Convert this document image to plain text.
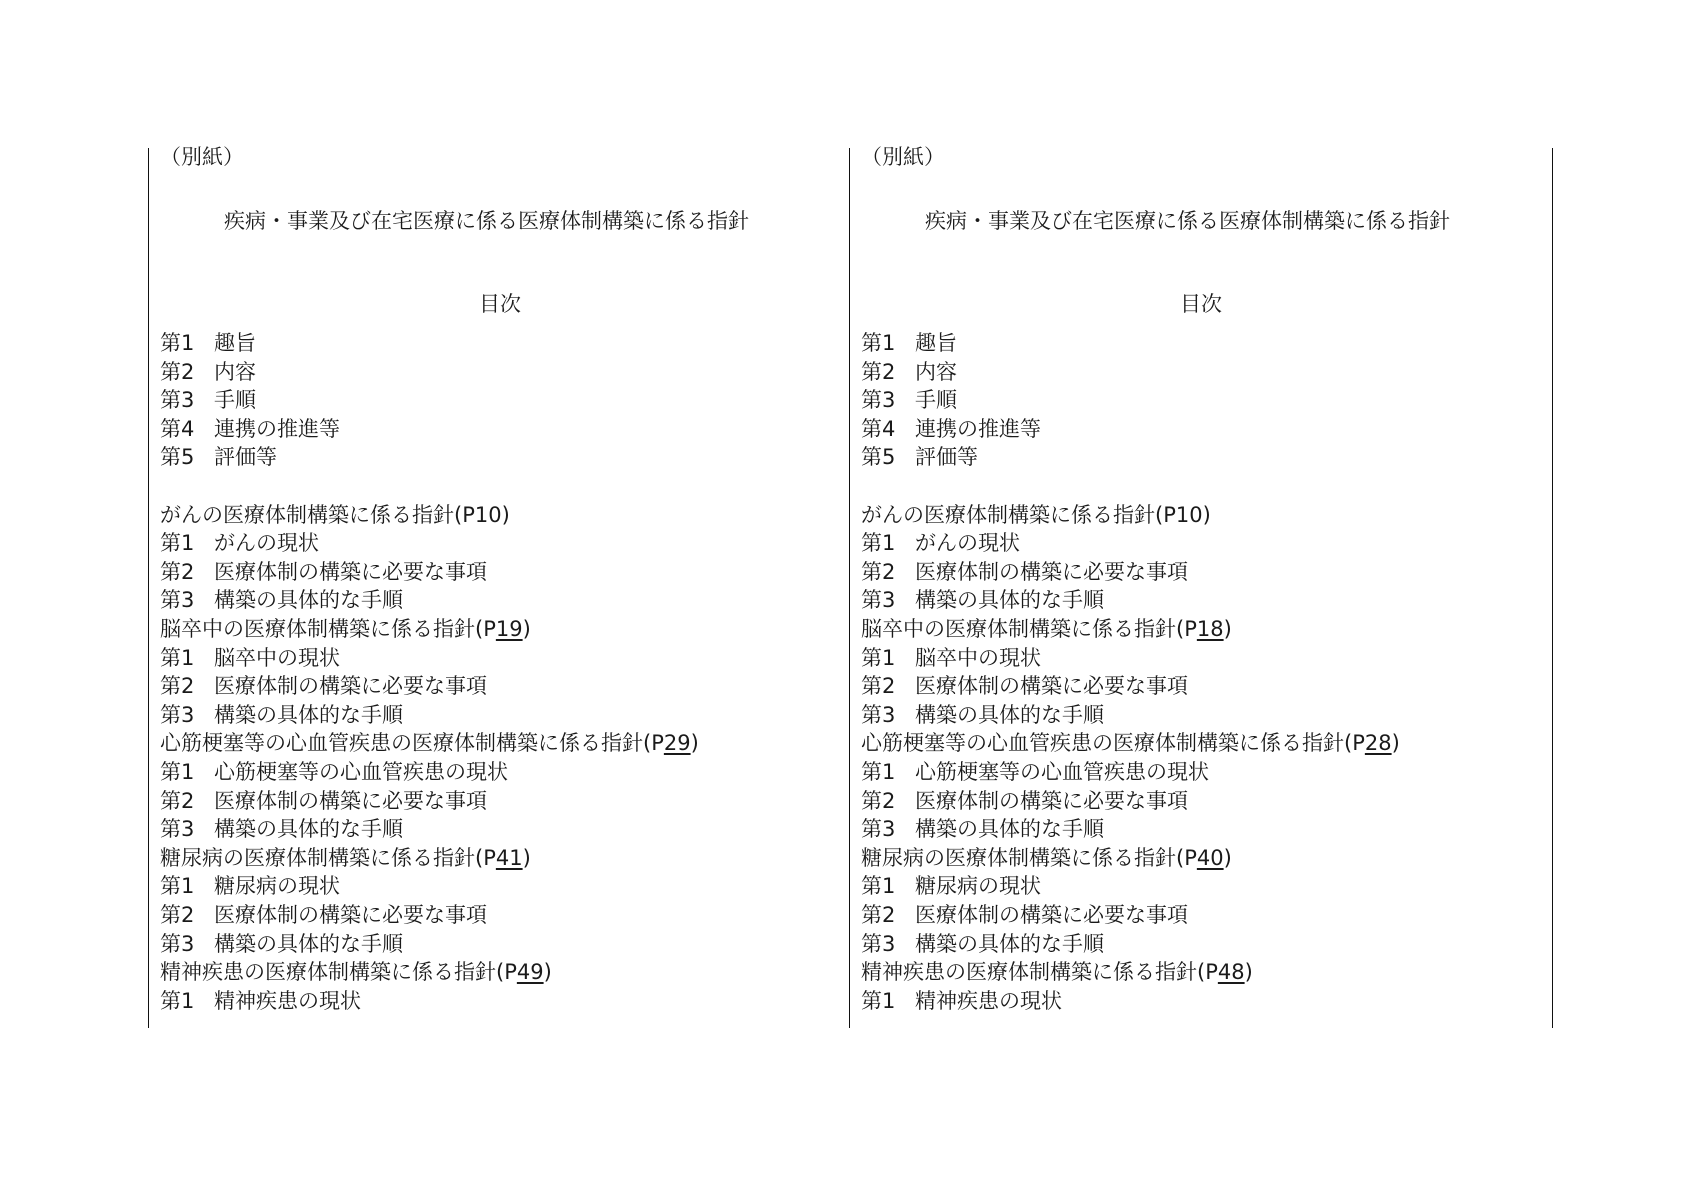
（別紙）
疾病・事業及び在宅医療に係る医療体制構築に係る指針
目次
第1 趣旨
第2 内容
第3 手順
第4 連携の推進等
第5 評価等
がんの医療体制構築に係る指針(P10)
第1 がんの現状
第2 医療体制の構築に必要な事項
第3 構築の具体的な手順
脳卒中の医療体制構築に係る指針(P19)
第1 脳卒中の現状
第2 医療体制の構築に必要な事項
第3 構築の具体的な手順
心筋梗塞等の心血管疾患の医療体制構築に係る指針(P29)
第1 心筋梗塞等の心血管疾患の現状
第2 医療体制の構築に必要な事項
第3 構築の具体的な手順
糖尿病の医療体制構築に係る指針(P41)
第1 糖尿病の現状
第2 医療体制の構築に必要な事項
第3 構築の具体的な手順
精神疾患の医療体制構築に係る指針(P49)
第1 精神疾患の現状
（別紙）
疾病・事業及び在宅医療に係る医療体制構築に係る指針
目次
第1 趣旨
第2 内容
第3 手順
第4 連携の推進等
第5 評価等
がんの医療体制構築に係る指針(P10)
第1 がんの現状
第2 医療体制の構築に必要な事項
第3 構築の具体的な手順
脳卒中の医療体制構築に係る指針(P18)
第1 脳卒中の現状
第2 医療体制の構築に必要な事項
第3 構築の具体的な手順
心筋梗塞等の心血管疾患の医療体制構築に係る指針(P28)
第1 心筋梗塞等の心血管疾患の現状
第2 医療体制の構築に必要な事項
第3 構築の具体的な手順
糖尿病の医療体制構築に係る指針(P40)
第1 糖尿病の現状
第2 医療体制の構築に必要な事項
第3 構築の具体的な手順
精神疾患の医療体制構築に係る指針(P48)
第1 精神疾患の現状
